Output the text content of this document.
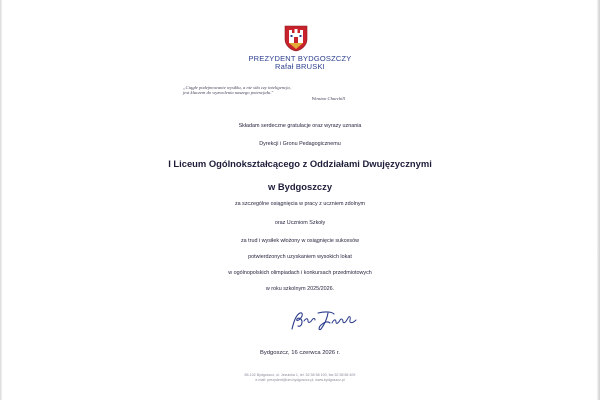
PREZYDENT BYDGOSZCZY
Rafał BRUSKI
„Ciągłe podejmowanie wysiłku, a nie siła czy inteligencja,
jest kluczem do wyzwolenia naszego potencjału."
Winston Churchill
Składam serdeczne gratulacje oraz wyrazy uznania
Dyrekcji i Gronu Pedagogicznemu
I Liceum Ogólnokształcącego z Oddziałami Dwujęzycznymi
w Bydgoszczy
za szczególne osiągnięcia w pracy z uczniem zdolnym
oraz Uczniom Szkoły
za trud i wysiłek włożony w osiągnięcie sukcesów
potwierdzonych uzyskaniem wysokich lokat
w ogólnopolskich olimpiadach i konkursach przedmiotowych
w roku szkolnym 2025/2026.
Bydgoszcz, 16 czerwca 2026 r.
85-102 Bydgoszcz, ul. Jezuicka 1, tel. 52 58 58 100, fax 52 58 58 409
e-mail: prezydent@um.bydgoszcz.pl, www.bydgoszcz.pl
